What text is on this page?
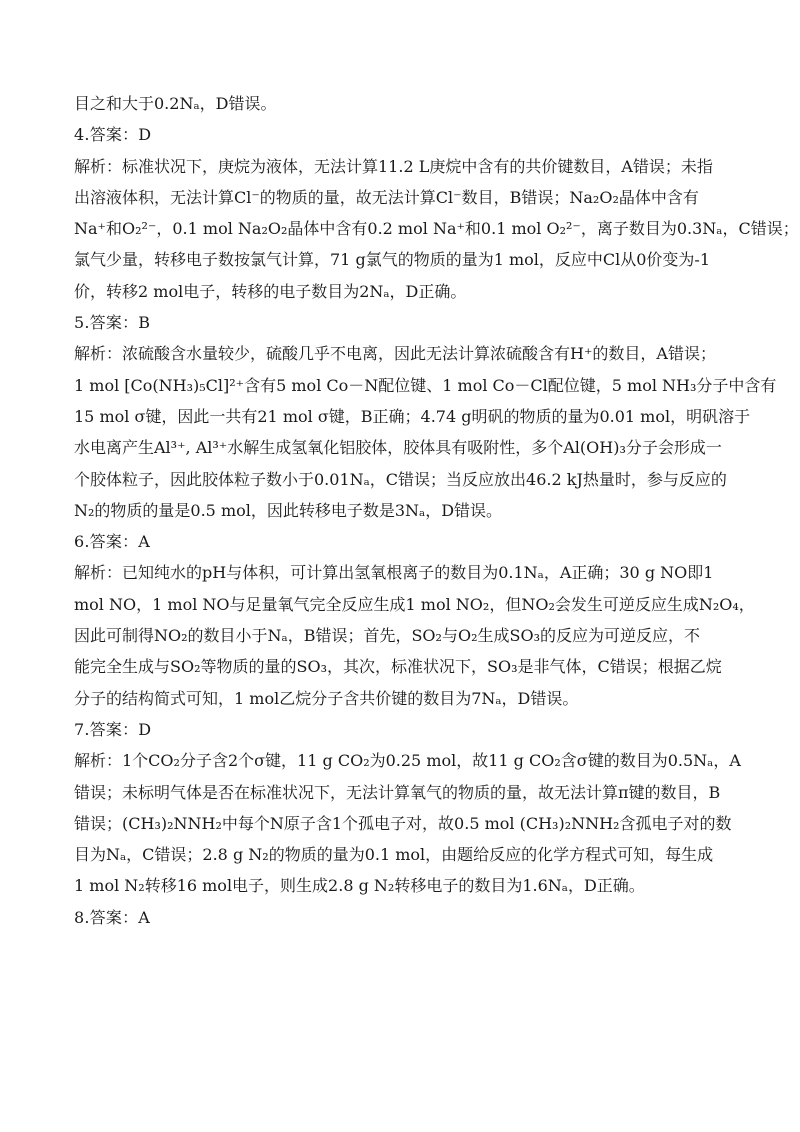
目之和大于0.2Nₐ，D错误。
4.答案：D
解析：标准状况下，庚烷为液体，无法计算11.2 L庚烷中含有的共价键数目，A错误；未指
出溶液体积，无法计算Cl⁻的物质的量，故无法计算Cl⁻数目，B错误；Na₂O₂晶体中含有
Na⁺和O₂²⁻，0.1 mol Na₂O₂晶体中含有0.2 mol Na⁺和0.1 mol O₂²⁻，离子数目为0.3Nₐ，C错误；
氯气少量，转移电子数按氯气计算，71 g氯气的物质的量为1 mol，反应中Cl从0价变为-1
价，转移2 mol电子，转移的电子数目为2Nₐ，D正确。
5.答案：B
解析：浓硫酸含水量较少，硫酸几乎不电离，因此无法计算浓硫酸含有H⁺的数目，A错误；
1 mol [Co(NH₃)₅Cl]²⁺含有5 mol Co－N配位键、1 mol Co－Cl配位键，5 mol NH₃分子中含有
15 mol σ键，因此一共有21 mol σ键，B正确；4.74 g明矾的物质的量为0.01 mol，明矾溶于
水电离产生Al³⁺, Al³⁺水解生成氢氧化铝胶体，胶体具有吸附性，多个Al(OH)₃分子会形成一
个胶体粒子，因此胶体粒子数小于0.01Nₐ，C错误；当反应放出46.2 kJ热量时，参与反应的
N₂的物质的量是0.5 mol，因此转移电子数是3Nₐ，D错误。
6.答案：A
解析：已知纯水的pH与体积，可计算出氢氧根离子的数目为0.1Nₐ，A正确；30 g NO即1
mol NO，1 mol NO与足量氧气完全反应生成1 mol NO₂，但NO₂会发生可逆反应生成N₂O₄，
因此可制得NO₂的数目小于Nₐ，B错误；首先，SO₂与O₂生成SO₃的反应为可逆反应，不
能完全生成与SO₂等物质的量的SO₃，其次，标准状况下，SO₃是非气体，C错误；根据乙烷
分子的结构简式可知，1 mol乙烷分子含共价键的数目为7Nₐ，D错误。
7.答案：D
解析：1个CO₂分子含2个σ键，11 g CO₂为0.25 mol，故11 g CO₂含σ键的数目为0.5Nₐ，A
错误；未标明气体是否在标准状况下，无法计算氧气的物质的量，故无法计算π键的数目，B
错误；(CH₃)₂NNH₂中每个N原子含1个孤电子对，故0.5 mol (CH₃)₂NNH₂含孤电子对的数
目为Nₐ，C错误；2.8 g N₂的物质的量为0.1 mol，由题给反应的化学方程式可知，每生成
1 mol N₂转移16 mol电子，则生成2.8 g N₂转移电子的数目为1.6Nₐ，D正确。
8.答案：A
